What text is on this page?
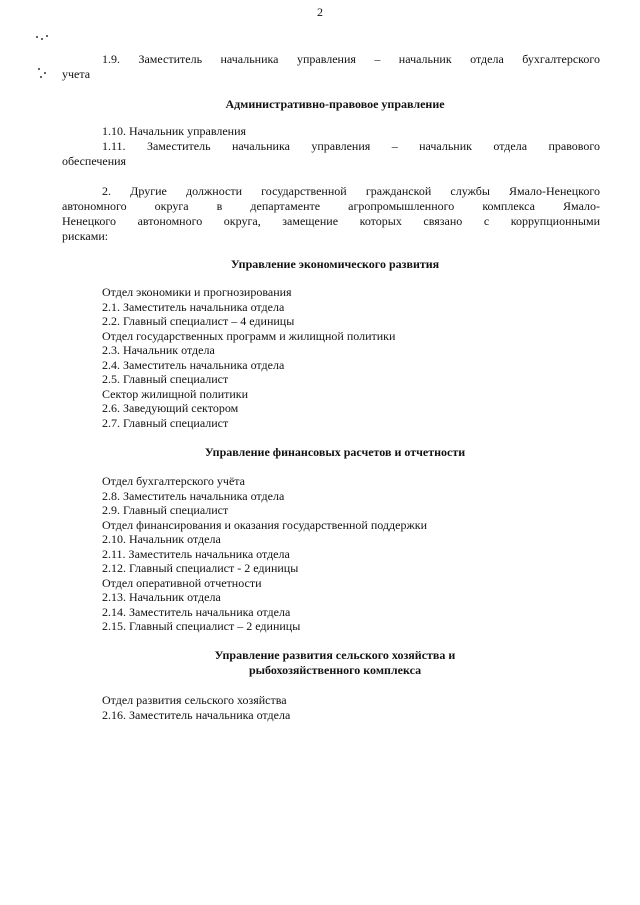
2
1.9. Заместитель начальника управления – начальник отдела бухгалтерского
учета
Административно-правовое управление
1.10. Начальник управления
1.11. Заместитель начальника управления – начальник отдела правового
обеспечения
2. Другие должности государственной гражданской службы Ямало-Ненецкого
автономного округа в департаменте агропромышленного комплекса Ямало-
Ненецкого автономного округа, замещение которых связано с коррупционными
рисками:
Управление экономического развития
Отдел экономики и прогнозирования
2.1. Заместитель начальника отдела
2.2. Главный специалист – 4 единицы
Отдел государственных программ и жилищной политики
2.3. Начальник отдела
2.4. Заместитель начальника отдела
2.5. Главный специалист
Сектор жилищной политики
2.6. Заведующий сектором
2.7. Главный специалист
Управление финансовых расчетов и отчетности
Отдел бухгалтерского учёта
2.8. Заместитель начальника отдела
2.9. Главный специалист
Отдел финансирования и оказания государственной поддержки
2.10. Начальник отдела
2.11. Заместитель начальника отдела
2.12. Главный специалист - 2 единицы
Отдел оперативной отчетности
2.13. Начальник отдела
2.14. Заместитель начальника отдела
2.15. Главный специалист – 2 единицы
Управление развития сельского хозяйства и
рыбохозяйственного комплекса
Отдел развития сельского хозяйства
2.16. Заместитель начальника отдела
